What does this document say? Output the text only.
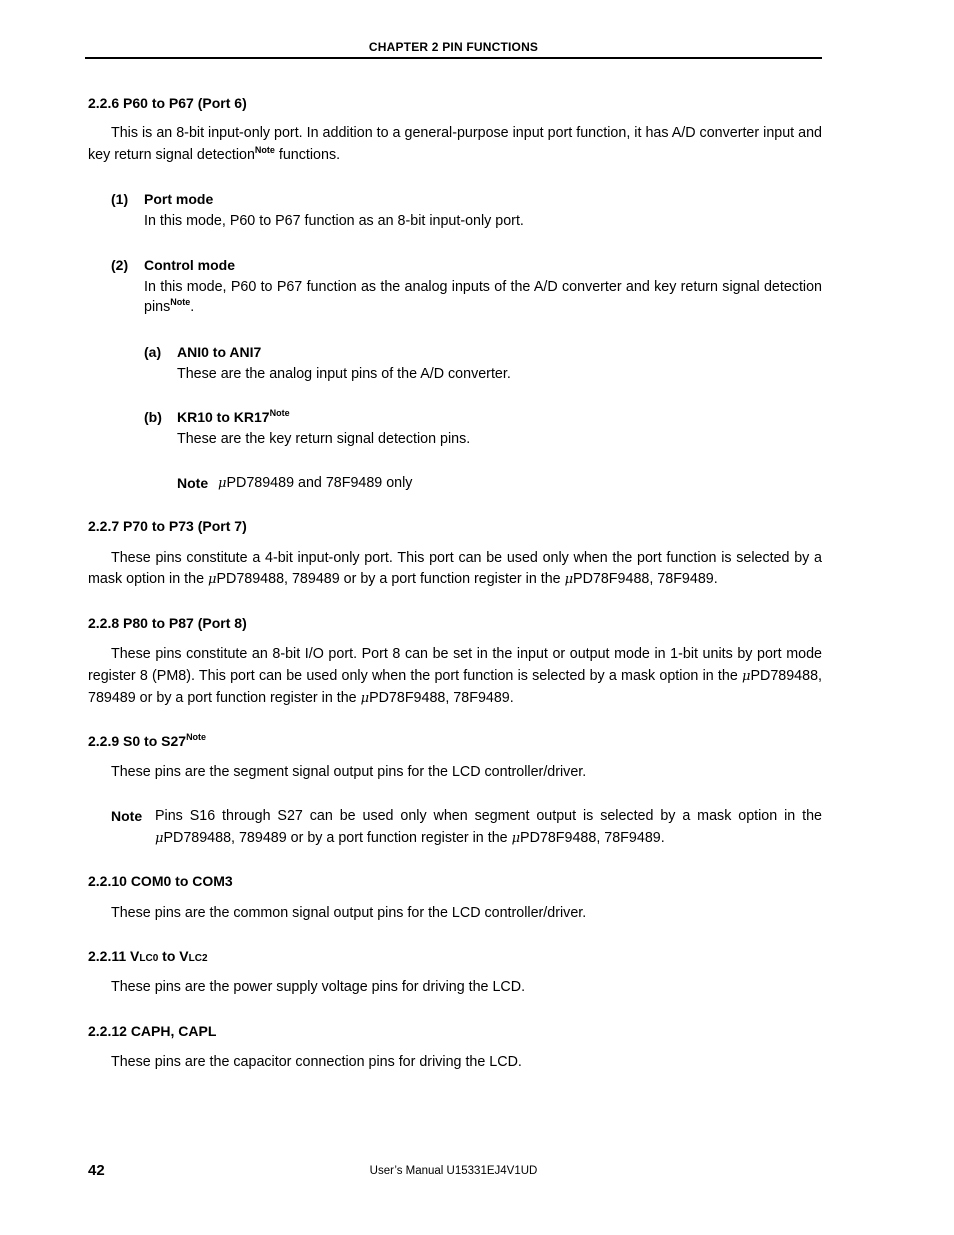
CHAPTER 2 PIN FUNCTIONS
2.2.6 P60 to P67 (Port 6)
This is an 8-bit input-only port. In addition to a general-purpose input port function, it has A/D converter input and
key return signal detection$^{Note}$ functions.
(1) Port mode
In this mode, P60 to P67 function as an 8-bit input-only port.
(2) Control mode
In this mode, P60 to P67 function as the analog inputs of the A/D converter and key return signal detection
pins$^{Note}$.
(a) ANI0 to ANI7
These are the analog input pins of the A/D converter.
(b) KR10 to $KR17^{Note}$
These are the key return signal detection pins.
Note μPD789489 and 78F9489 only
2.2.7 P70 to P73 (Port 7)
These pins constitute a 4-bit input-only port. This port can be used only when the port function is selected by a
mask option in the μPD789488, 789489 or by a port function register in the μPD78F9488, 78F9489.
2.2.8 P80 to P87 (Port 8)
These pins constitute an 8-bit I/O port. Port 8 can be set in the input or output mode in 1-bit units by port mode
register 8 (PM8). This port can be used only when the port function is selected by a mask option in the μPD789488,
789489 or by a port function register in the μPD78F9488, 78F9489.
2.2.9 S0 to $S27^{Note}$
These pins are the segment signal output pins for the LCD controller/driver.
Note Pins S16 through S27 can be used only when segment output is selected by a mask option in the
μPD789488, 789489 or by a port function register in the μPD78F9488, 78F9489.
2.2.10 COM0 to COM3
These pins are the common signal output pins for the LCD controller/driver.
2.2.11 VLC0 to VLC2
These pins are the power supply voltage pins for driving the LCD.
2.2.12 CAPH, CAPL
These pins are the capacitor connection pins for driving the LCD.
42	User’s Manual U15331EJ4V1UD
